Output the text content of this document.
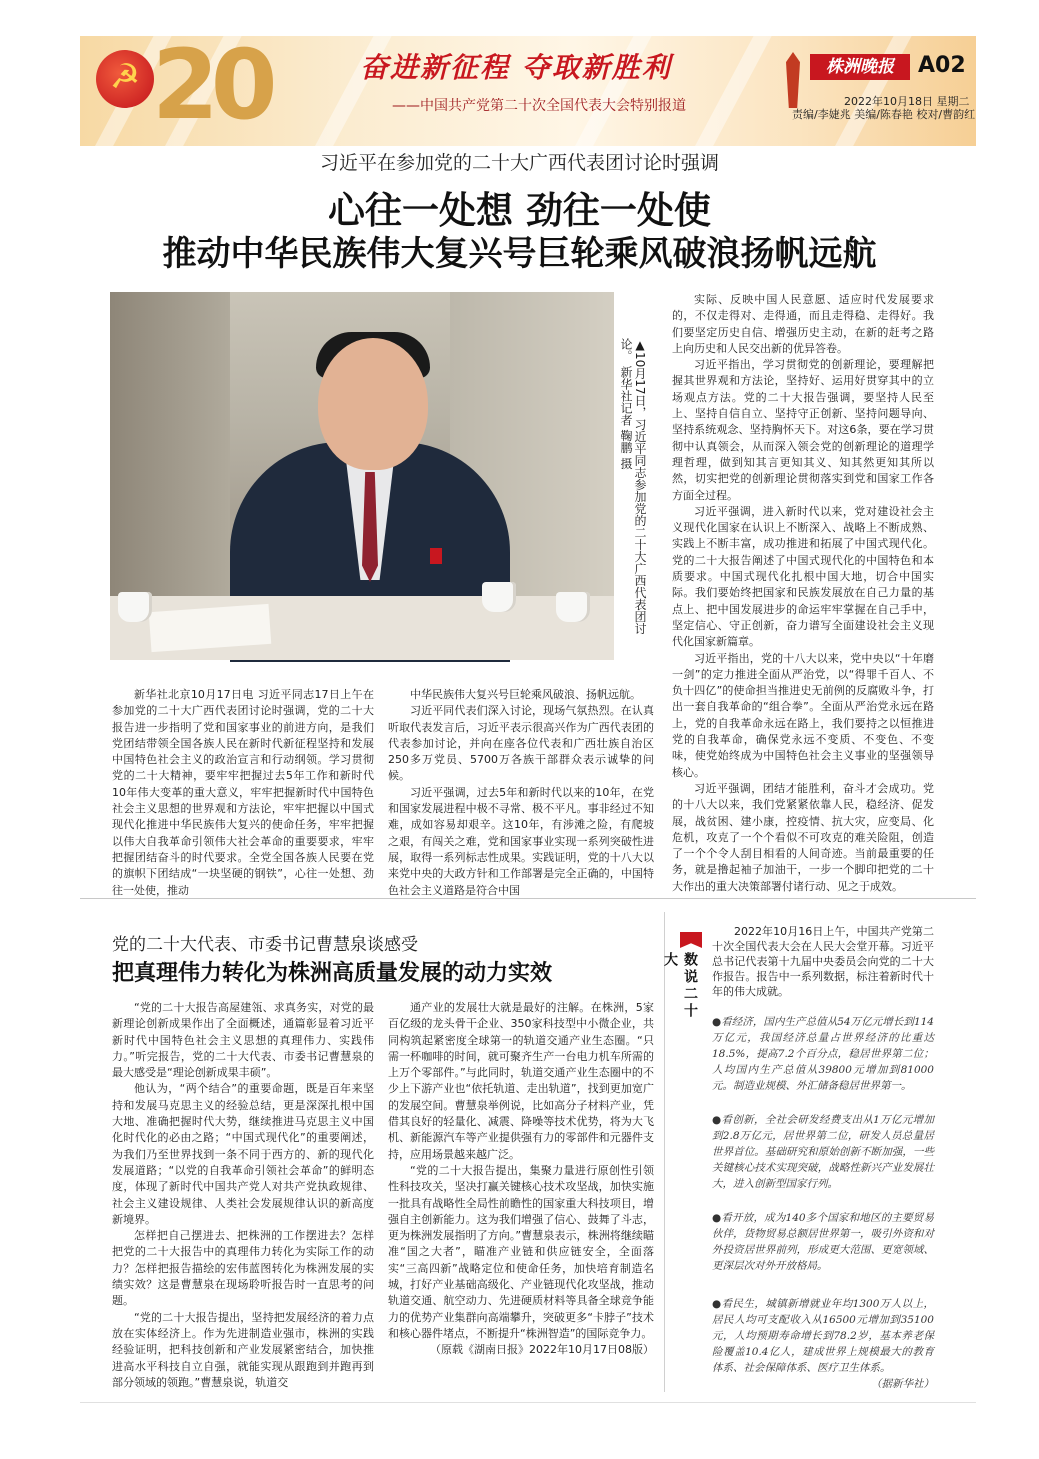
☭ 20	奋进新征程 夺取新胜利
——中国共产党第二十次全国代表大会特别报道
株洲晚报	A02
2022年10月18日 星期二
责编/李婕兆 美编/陈春艳 校对/曹韵红
习近平在参加党的二十大广西代表团讨论时强调
心往一处想 劲往一处使
推动中华民族伟大复兴号巨轮乘风破浪扬帆远航
▲10月17日，习近平同志参加党的二十大广西代表团讨论。 新华社记者 鞠鹏 摄

新华社北京10月17日电 习近平同志17日上午在参加党的二十大广西代表团讨论时强调，党的二十大报告进一步指明了党和国家事业的前进方向，是我们党团结带领全国各族人民在新时代新征程坚持和发展中国特色社会主义的政治宣言和行动纲领。学习贯彻党的二十大精神，要牢牢把握过去5年工作和新时代10年伟大变革的重大意义，牢牢把握新时代中国特色社会主义思想的世界观和方法论，牢牢把握以中国式现代化推进中华民族伟大复兴的使命任务，牢牢把握以伟大自我革命引领伟大社会革命的重要要求，牢牢把握团结奋斗的时代要求。全党全国各族人民要在党的旗帜下团结成“一块坚硬的钢铁”，心往一处想、劲往一处使，推动

中华民族伟大复兴号巨轮乘风破浪、扬帆远航。

习近平同代表们深入讨论，现场气氛热烈。在认真听取代表发言后，习近平表示很高兴作为广西代表团的代表参加讨论，并向在座各位代表和广西壮族自治区250多万党员、5700万各族干部群众表示诚挚的问候。

习近平强调，过去5年和新时代以来的10年，在党和国家发展进程中极不寻常、极不平凡。事非经过不知难，成如容易却艰辛。这10年，有涉滩之险，有爬坡之艰，有闯关之难，党和国家事业实现一系列突破性进展，取得一系列标志性成果。实践证明，党的十八大以来党中央的大政方针和工作部署是完全正确的，中国特色社会主义道路是符合中国

实际、反映中国人民意愿、适应时代发展要求的，不仅走得对、走得通，而且走得稳、走得好。我们要坚定历史自信、增强历史主动，在新的赶考之路上向历史和人民交出新的优异答卷。

习近平指出，学习贯彻党的创新理论，要理解把握其世界观和方法论，坚持好、运用好贯穿其中的立场观点方法。党的二十大报告强调，要坚持人民至上、坚持自信自立、坚持守正创新、坚持问题导向、坚持系统观念、坚持胸怀天下。对这6条，要在学习贯彻中认真领会，从而深入领会党的创新理论的道理学理哲理，做到知其言更知其义、知其然更知其所以然，切实把党的创新理论贯彻落实到党和国家工作各方面全过程。

习近平强调，进入新时代以来，党对建设社会主义现代化国家在认识上不断深入、战略上不断成熟、实践上不断丰富，成功推进和拓展了中国式现代化。党的二十大报告阐述了中国式现代化的中国特色和本质要求。中国式现代化扎根中国大地，切合中国实际。我们要始终把国家和民族发展放在自己力量的基点上、把中国发展进步的命运牢牢掌握在自己手中，坚定信心、守正创新，奋力谱写全面建设社会主义现代化国家新篇章。

习近平指出，党的十八大以来，党中央以“十年磨一剑”的定力推进全面从严治党，以“得罪千百人、不负十四亿”的使命担当推进史无前例的反腐败斗争，打出一套自我革命的“组合拳”。全面从严治党永远在路上，党的自我革命永远在路上，我们要持之以恒推进党的自我革命，确保党永远不变质、不变色、不变味，使党始终成为中国特色社会主义事业的坚强领导核心。

习近平强调，团结才能胜利，奋斗才会成功。党的十八大以来，我们党紧紧依靠人民，稳经济、促发展，战贫困、建小康，控疫情、抗大灾，应变局、化危机，攻克了一个个看似不可攻克的难关险阻，创造了一个个令人刮目相看的人间奇迹。当前最重要的任务，就是撸起袖子加油干，一步一个脚印把党的二十大作出的重大决策部署付诸行动、见之于成效。

党的二十大代表、市委书记曹慧泉谈感受
把真理伟力转化为株洲高质量发展的动力实效

“党的二十大报告高屋建瓴、求真务实，对党的最新理论创新成果作出了全面概述，通篇彰显着习近平新时代中国特色社会主义思想的真理伟力、实践伟力。”听完报告，党的二十大代表、市委书记曹慧泉的最大感受是“理论创新成果丰硕”。

他认为，“两个结合”的重要命题，既是百年来坚持和发展马克思主义的经验总结，更是深深扎根中国大地、准确把握时代大势，继续推进马克思主义中国化时代化的必由之路；“中国式现代化”的重要阐述，为我们乃至世界找到一条不同于西方的、新的现代化发展道路；“以党的自我革命引领社会革命”的鲜明态度，体现了新时代中国共产党人对共产党执政规律、社会主义建设规律、人类社会发展规律认识的新高度新境界。

怎样把自己摆进去、把株洲的工作摆进去？怎样把党的二十大报告中的真理伟力转化为实际工作的动力？怎样把报告描绘的宏伟蓝图转化为株洲发展的实绩实效？这是曹慧泉在现场聆听报告时一直思考的问题。

“党的二十大报告提出，坚持把发展经济的着力点放在实体经济上。作为先进制造业强市，株洲的实践经验证明，把科技创新和产业发展紧密结合，加快推进高水平科技自立自强，就能实现从跟跑到并跑再到部分领域的领跑。”曹慧泉说，轨道交

通产业的发展壮大就是最好的注解。在株洲，5家百亿级的龙头骨干企业、350家科技型中小微企业，共同构筑起紧密度全球第一的轨道交通产业生态圈。“只需一杯咖啡的时间，就可聚齐生产一台电力机车所需的上万个零部件。”与此同时，轨道交通产业生态圈中的不少上下游产业也“依托轨道、走出轨道”，找到更加宽广的发展空间。曹慧泉举例说，比如高分子材料产业，凭借其良好的轻量化、减震、降噪等技术优势，将为大飞机、新能源汽车等产业提供强有力的零部件和元器件支持，应用场景越来越广泛。

“党的二十大报告提出，集聚力量进行原创性引领性科技攻关，坚决打赢关键核心技术攻坚战，加快实施一批具有战略性全局性前瞻性的国家重大科技项目，增强自主创新能力。这为我们增强了信心、鼓舞了斗志，更为株洲发展指明了方向。”曹慧泉表示，株洲将继续瞄准“国之大者”，瞄准产业链和供应链安全，全面落实“三高四新”战略定位和使命任务，加快培育制造名城，打好产业基础高级化、产业链现代化攻坚战，推动轨道交通、航空动力、先进硬质材料等具备全球竞争能力的优势产业集群向高端攀升，突破更多“卡脖子”技术和核心器件堵点，不断提升“株洲智造”的国际竞争力。

（原载《湖南日报》2022年10月17日08版）

数说二十大

2022年10月16日上午，中国共产党第二十次全国代表大会在人民大会堂开幕。习近平总书记代表第十九届中央委员会向党的二十大作报告。报告中一系列数据，标注着新时代十年的伟大成就。

●看经济，国内生产总值从54万亿元增长到114万亿元，我国经济总量占世界经济的比重达18.5%，提高7.2个百分点，稳居世界第二位；人均国内生产总值从39800元增加到81000元。制造业规模、外汇储备稳居世界第一。

●看创新，全社会研发经费支出从1万亿元增加到2.8万亿元，居世界第二位，研发人员总量居世界首位。基础研究和原始创新不断加强，一些关键核心技术实现突破，战略性新兴产业发展壮大，进入创新型国家行列。

●看开放，成为140多个国家和地区的主要贸易伙伴，货物贸易总额居世界第一，吸引外资和对外投资居世界前列，形成更大范围、更宽领域、更深层次对外开放格局。

●看民生，城镇新增就业年均1300万人以上，居民人均可支配收入从16500元增加到35100元，人均预期寿命增长到78.2岁，基本养老保险覆盖10.4亿人，建成世界上规模最大的教育体系、社会保障体系、医疗卫生体系。
（据新华社）
